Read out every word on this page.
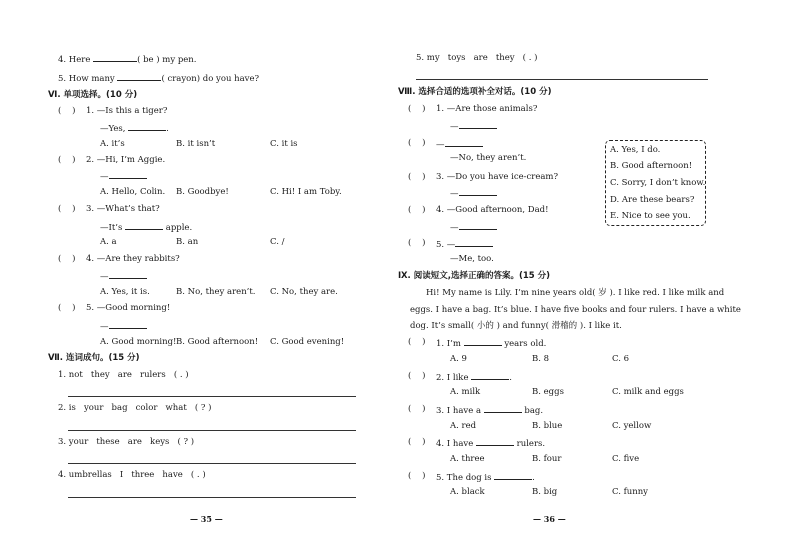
4. Here	( be ) my pen.
5. How many	( crayon) do you have?
Ⅵ. 单项选择。(10 分)
(    ) 1. —Is this a tiger?
—Yes,	.
A. it’s	B. it isn’t	C. it is
(    ) 2. —Hi, I’m Aggie.
—
A. Hello, Colin. B. Goodbye!	C. Hi! I am Toby.
(    ) 3. —What’s that?
—It’s	apple.
A. a	B. an	C. /
(    ) 4. —Are they rabbits?
—
A. Yes, it is.	B. No, they aren’t. C. No, they are.
(    ) 5. —Good morning!
—
A. Good morning! B. Good afternoon! C. Good evening!
Ⅶ. 连词成句。(15 分)
1. not   they   are   rulers   ( . )
2. is   your   bag   color   what   ( ? )
3. your   these   are   keys   ( ? )
4. umbrellas   I   three   have   ( . )
— 35 —
5. my   toys   are   they   ( . )
Ⅷ. 选择合适的选项补全对话。(10 分)
(    ) 1. —Are those animals?
—
(    ) —
—No, they aren’t.
(    ) 3. —Do you have ice-cream?
—
(    ) 4. —Good afternoon, Dad!
—
(    ) 5. —
—Me, too.
A. Yes, I do.
B. Good afternoon!
C. Sorry, I don’t know.
D. Are these bears?
E. Nice to see you.
Ⅸ. 阅读短文,选择正确的答案。(15 分)
Hi! My name is Lily. I’m nine years old( 岁 ). I like red. I like milk and
eggs. I have a bag. It’s blue. I have five books and four rulers. I have a white
dog. It’s small( 小的 ) and funny( 滑稽的 ). I like it.
(    ) 1. I’m	years old.
A. 9	B. 8	C. 6
(    ) 2. I like	.
A. milk	B. eggs	C. milk and eggs
(    ) 3. I have a	bag.
A. red	B. blue	C. yellow
(    ) 4. I have	rulers.
A. three	B. four	C. five
(    ) 5. The dog is	.
A. black	B. big	C. funny
— 36 —
